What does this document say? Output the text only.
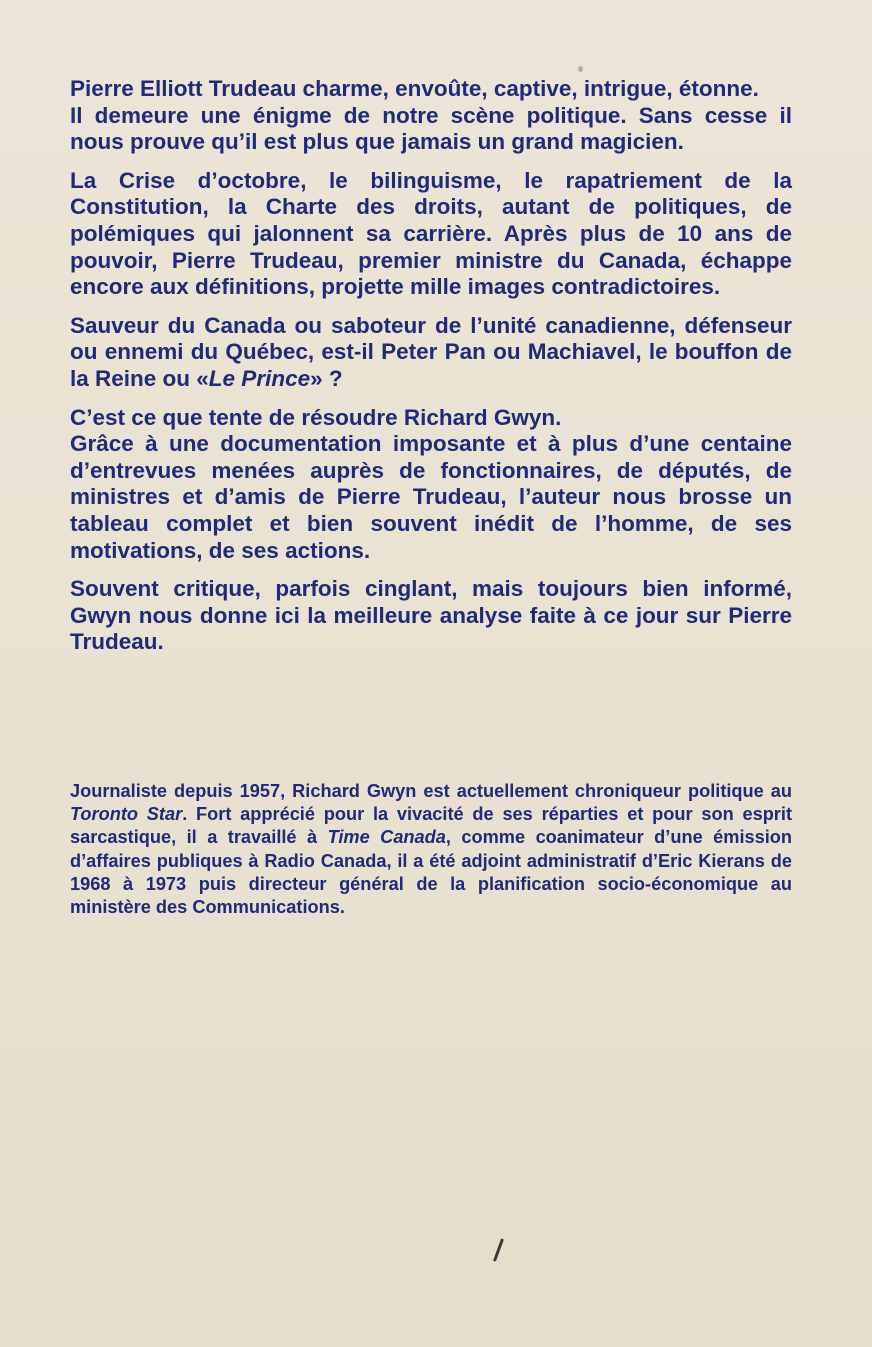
Pierre Elliott Trudeau charme, envoûte, captive, intrigue, étonne.
Il demeure une énigme de notre scène politique. Sans cesse il nous prouve qu’il est plus que jamais un grand magicien.

La Crise d’octobre, le bilinguisme, le rapatriement de la Constitution, la Charte des droits, autant de politiques, de polémiques qui jalonnent sa carrière. Après plus de 10 ans de pouvoir, Pierre Trudeau, premier ministre du Canada, échappe encore aux définitions, projette mille images contradictoires.

Sauveur du Canada ou saboteur de l’unité canadienne, défenseur ou ennemi du Québec, est-il Peter Pan ou Machiavel, le bouffon de la Reine ou «Le Prince» ?

C’est ce que tente de résoudre Richard Gwyn.
Grâce à une documentation imposante et à plus d’une centaine d’entrevues menées auprès de fonctionnaires, de députés, de ministres et d’amis de Pierre Trudeau, l’auteur nous brosse un tableau complet et bien souvent inédit de l’homme, de ses motivations, de ses actions.

Souvent critique, parfois cinglant, mais toujours bien informé, Gwyn nous donne ici la meilleure analyse faite à ce jour sur Pierre Trudeau.

Journaliste depuis 1957, Richard Gwyn est actuellement chroniqueur politique au Toronto Star. Fort apprécié pour la vivacité de ses réparties et pour son esprit sarcastique, il a travaillé à Time Canada, comme coanimateur d’une émission d’affaires publiques à Radio Canada, il a été adjoint administratif d’Eric Kierans de 1968 à 1973 puis directeur général de la planification socio-économique au ministère des Communications.
